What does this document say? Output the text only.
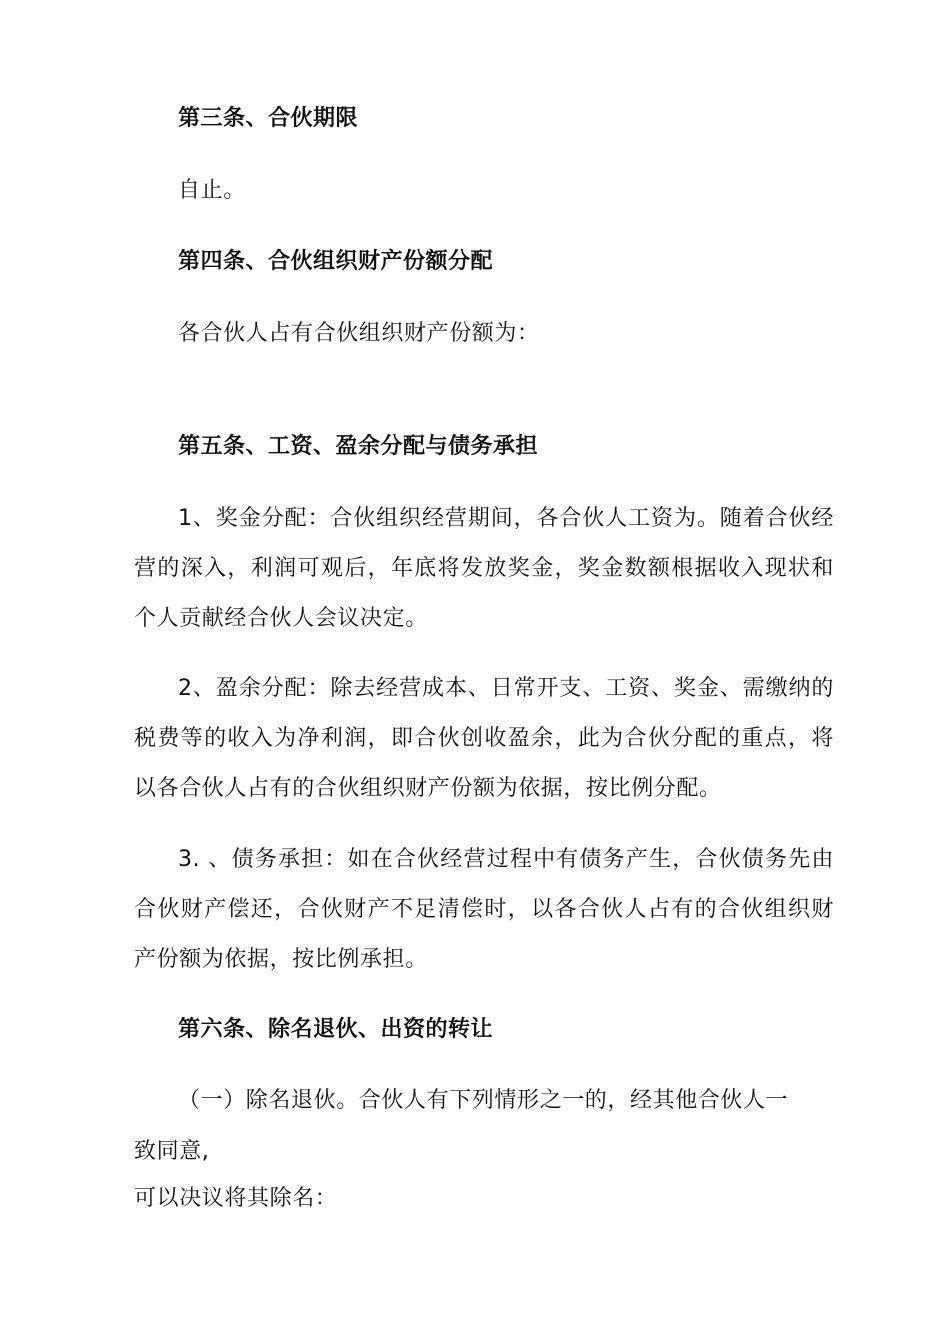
第三条、合伙期限
自止。
第四条、合伙组织财产份额分配
各合伙人占有合伙组织财产份额为：
第五条、工资、盈余分配与债务承担
1、奖金分配：合伙组织经营期间，各合伙人工资为。随着合伙经营的深入，利润可观后，年底将发放奖金，奖金数额根据收入现状和个人贡献经合伙人会议决定。
2、盈余分配：除去经营成本、日常开支、工资、奖金、需缴纳的税费等的收入为净利润，即合伙创收盈余，此为合伙分配的重点，将以各合伙人占有的合伙组织财产份额为依据，按比例分配。
3. 、债务承担：如在合伙经营过程中有债务产生，合伙债务先由合伙财产偿还，合伙财产不足清偿时，以各合伙人占有的合伙组织财产份额为依据，按比例承担。
第六条、除名退伙、出资的转让
（一）除名退伙。合伙人有下列情形之一的，经其他合伙人一
致同意,
可以决议将其除名：
